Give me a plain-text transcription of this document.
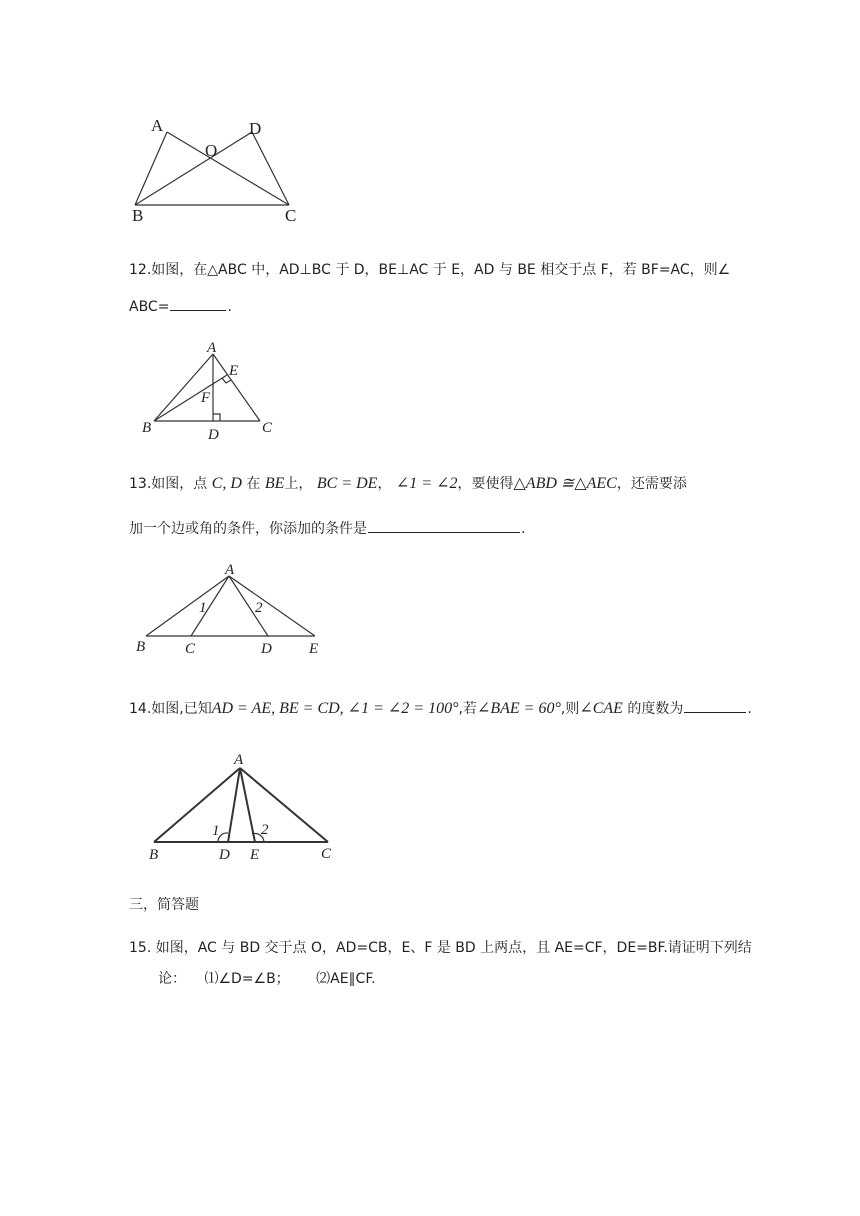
A
O
D
B	C
12.如图，在△ABC 中，AD⊥BC 于 D，BE⊥AC 于 E，AD 与 BE 相交于点 F，若 BF=AC，则∠
ABC=	.
A
E
F
B	D	C
13.如图，点 C, D 在 BE上， BC = DE， ∠1 = ∠2，要使得△ABD ≅△AEC，还需要添
加一个边或角的条件，你添加的条件是	.
A
1	2
B	C	D E
14.如图,已知AD = AE, BE = CD, ∠1 = ∠2 = 100°,若∠BAE = 60°,则∠CAE 的度数为	.
A
1	2
B	D E	C
三，简答题
15. 如图，AC 与 BD 交于点 O，AD=CB，E、F 是 BD 上两点，且 AE=CF，DE=BF.请证明下列结
论： ⑴∠D=∠B； ⑵AE∥CF.
